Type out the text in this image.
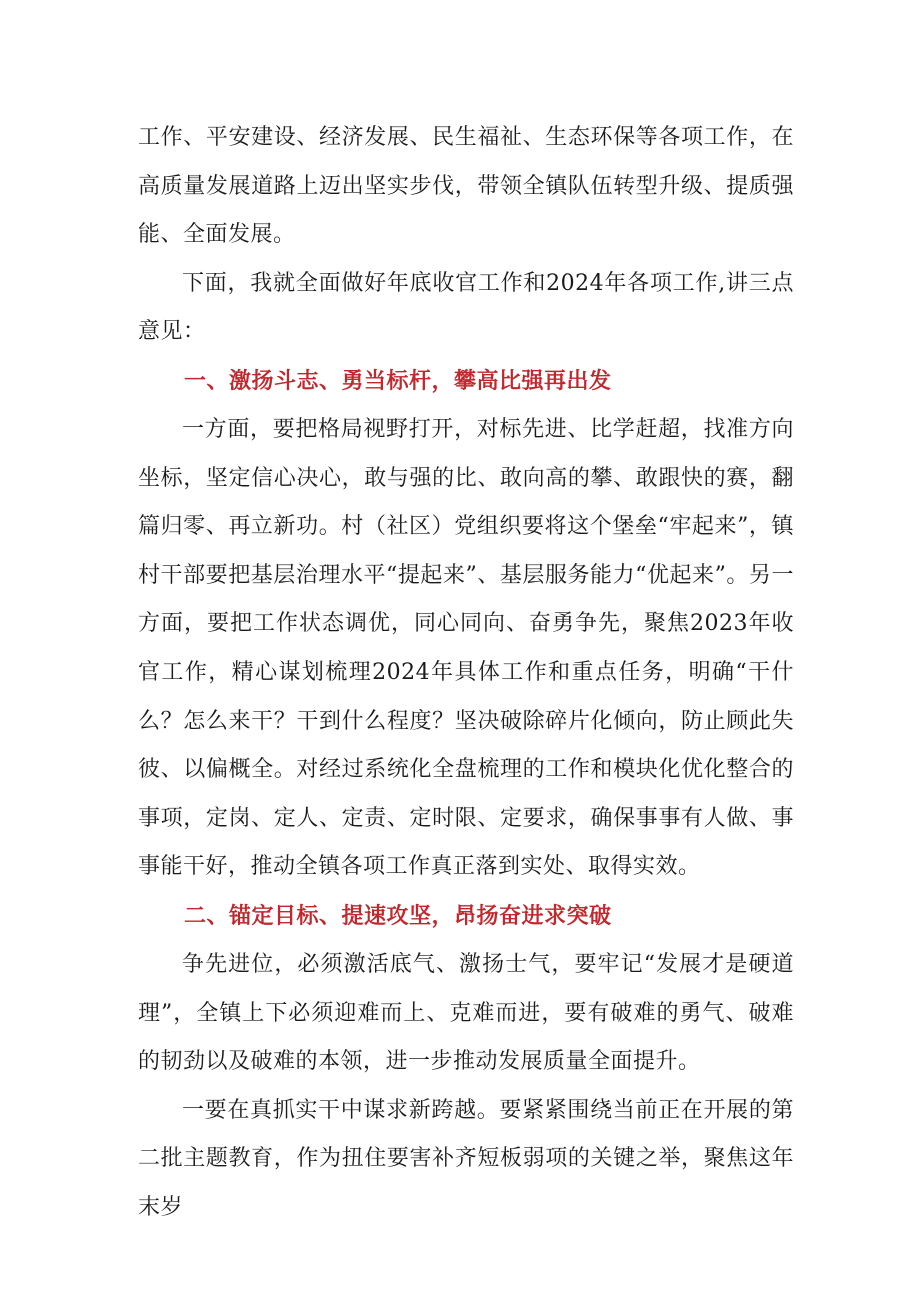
工作、平安建设、经济发展、民生福祉、生态环保等各项工作，在高质量发展道路上迈出坚实步伐，带领全镇队伍转型升级、提质强能、全面发展。

下面，我就全面做好年底收官工作和2024年各项工作,讲三点意见：

一、激扬斗志、勇当标杆，攀高比强再出发

一方面，要把格局视野打开，对标先进、比学赶超，找准方向坐标，坚定信心决心，敢与强的比、敢向高的攀、敢跟快的赛，翻篇归零、再立新功。村（社区）党组织要将这个堡垒“牢起来”，镇村干部要把基层治理水平“提起来”、基层服务能力“优起来”。另一方面，要把工作状态调优，同心同向、奋勇争先，聚焦2023年收官工作，精心谋划梳理2024年具体工作和重点任务，明确“干什么？怎么来干？干到什么程度？坚决破除碎片化倾向，防止顾此失彼、以偏概全。对经过系统化全盘梳理的工作和模块化优化整合的事项，定岗、定人、定责、定时限、定要求，确保事事有人做、事事能干好，推动全镇各项工作真正落到实处、取得实效。

二、锚定目标、提速攻坚，昂扬奋进求突破

争先进位，必须激活底气、激扬士气，要牢记“发展才是硬道理”，全镇上下必须迎难而上、克难而进，要有破难的勇气、破难的韧劲以及破难的本领，进一步推动发展质量全面提升。

一要在真抓实干中谋求新跨越。要紧紧围绕当前正在开展的第二批主题教育，作为扭住要害补齐短板弱项的关键之举，聚焦这年末岁
